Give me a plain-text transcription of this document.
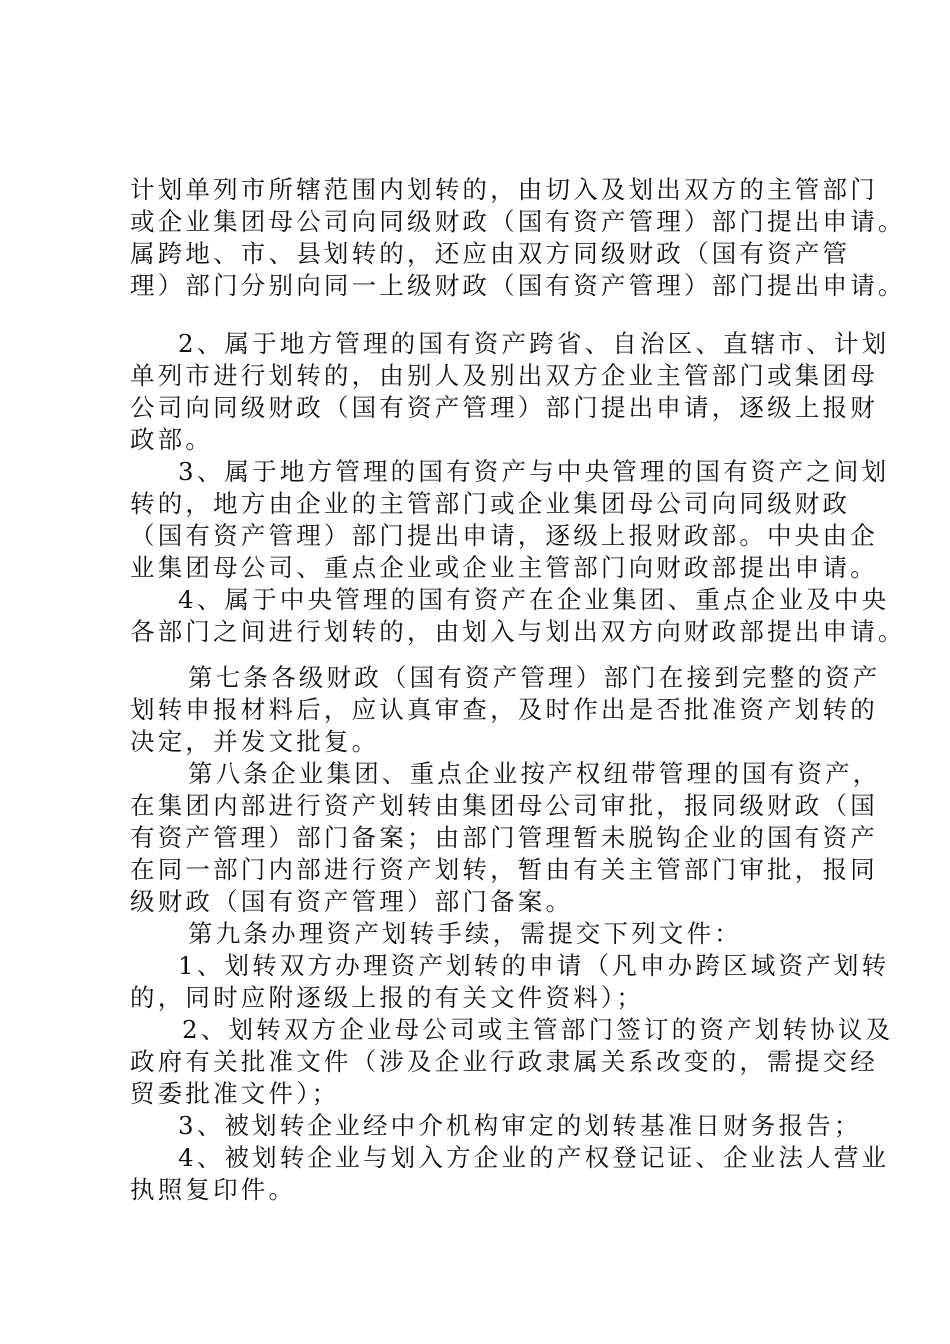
计划单列市所辖范围内划转的，由切入及划出双方的主管部门
或企业集团母公司向同级财政（国有资产管理）部门提出申请。
属跨地、市、县划转的，还应由双方同级财政（国有资产管
理）部门分别向同一上级财政（国有资产管理）部门提出申请。
2、属于地方管理的国有资产跨省、自治区、直辖市、计划
单列市进行划转的，由别人及别出双方企业主管部门或集团母
公司向同级财政（国有资产管理）部门提出申请，逐级上报财
政部。
3、属于地方管理的国有资产与中央管理的国有资产之间划
转的，地方由企业的主管部门或企业集团母公司向同级财政
（国有资产管理）部门提出申请，逐级上报财政部。中央由企
业集团母公司、重点企业或企业主管部门向财政部提出申请。
4、属于中央管理的国有资产在企业集团、重点企业及中央
各部门之间进行划转的，由划入与划出双方向财政部提出申请。
第七条各级财政（国有资产管理）部门在接到完整的资产
划转申报材料后，应认真审查，及时作出是否批准资产划转的
决定，并发文批复。
第八条企业集团、重点企业按产权纽带管理的国有资产，
在集团内部进行资产划转由集团母公司审批，报同级财政（国
有资产管理）部门备案；由部门管理暂未脱钩企业的国有资产
在同一部门内部进行资产划转，暂由有关主管部门审批，报同
级财政（国有资产管理）部门备案。
第九条办理资产划转手续，需提交下列文件：
1、划转双方办理资产划转的申请（凡申办跨区域资产划转
的，同时应附逐级上报的有关文件资料）；
2、划转双方企业母公司或主管部门签订的资产划转协议及
政府有关批准文件（涉及企业行政隶属关系改变的，需提交经
贸委批准文件）；
3、被划转企业经中介机构审定的划转基准日财务报告；
4、被划转企业与划入方企业的产权登记证、企业法人营业
执照复印件。
